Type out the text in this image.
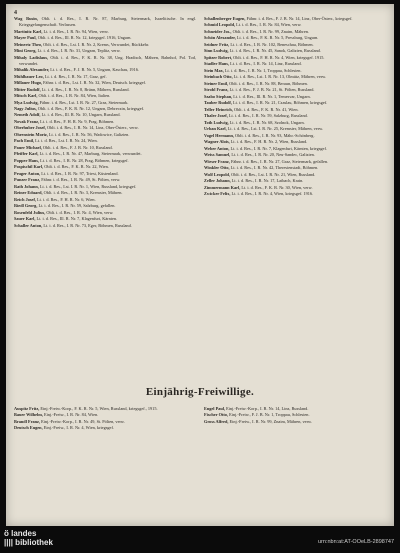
4
Wag Rusin, Oblt. i. d. Res., I. R. Nr. 87, Marburg, Steiermark, Israelitische. In engl. Kriegsgefangenschaft. Verlassen.
Martinitz Karl, Lt. i. d. Res., I. R. Nr. 94, Wien, verw.
Mayer Paul, Oblt. i. d. Res., Ill. R. Nr. 12, kriegsgef. 1916, Ungarn.
Meinertz Theo, Oblt. i. d. Res., Lst. I. R. Nr. 2, Krems, Verwundet, Rückkehr.
Mini Georg, Lt. i. d. Res., I. R. Nr. 31, Ungarn, Teplitz, verw.
Mihaly Ladislaus, Oblt. i. d. Res., F. K. R. Nr. 38, Ung. Hradisch, Mähren, Bahnhof, Pol. Tod, verwundet.
Mihalik Alexander, Lt. i. d. Res., F. J. B. Nr. 5, Ungarn, Kaschau, 1916.
Mühlbauer Leo, Lt. i. d. Res., I. R. Nr. 17, Graz, gef.
Millauer Hugo, Fähnr. i. d. Res., Lst. I. R. Nr. 32, Wien, Deutsch. kriegsgef.
Mitter Rudolf, Lt. i. d. Res., I. R. Nr. 8, Brünn, Mähren, Russland.
Mitsch Karl, Oblt. i. d. Res., I. R. Nr. 84, Wien, Italien.
Mya Ludwig, Fähnr. i. d. Res., Lst. I. R. Nr. 27, Graz, Steiermark.
Nagy Julius, Oblt. i. d. Res., F. K. R. Nr. 12, Ungarn, Debreczin, kriegsgef.
Nemeth Adolf, Lt. i. d. Res., Ill. R. Nr. 10, Ungarn, Russland.
Novak Franz, Lt. i. d. Res., F. H. R. Nr. 9, Prag, Böhmen.
Oberhuber Josef, Oblt. i. d. Res., I. R. Nr. 14, Linz, Ober-Österr., verw.
Ohrenstein Moriz, Lt. i. d. Res., I. R. Nr. 56, Wadowice, Galizien.
Pach Emil, Lt. i. d. Res., Lst. I. R. Nr. 24, Wien.
Pauer Michael, Oblt. i. d. Res., F. J. B. Nr. 10, Russland.
Pfeiffer Karl, Lt. i. d. Res., I. R. Nr. 47, Marburg, Steiermark, verwundet.
Popper Hans, Lt. i. d. Res., I. R. Nr. 28, Prag, Böhmen, kriegsgef.
Pospischil Karl, Oblt. i. d. Res., F. K. R. Nr. 22, Wien.
Pruger Anton, Lt. i. d. Res., I. R. Nr. 97, Triest, Küstenland.
Punzer Franz, Fähnr. i. d. Res., I. R. Nr. 49, St. Pölten, verw.
Rath Johann, Lt. i. d. Res., Lst. I. R. Nr. 1, Wien, Russland, kriegsgef.
Reiner Eduard, Oblt. i. d. Res., I. R. Nr. 3, Kremsier, Mähren.
Reich Josef, Lt. i. d. Res., F. H. R. Nr. 6, Wien.
Riedl Georg, Lt. i. d. Res., I. R. Nr. 59, Salzburg, gefallen.
Rosenfeld Julius, Oblt. i. d. Res., I. R. Nr. 4, Wien, verw.
Sauer Karl, Lt. i. d. Res., Ill. R. Nr. 7, Klagenfurt, Kärnten.
Schaller Anton, Lt. i. d. Res., I. R. Nr. 73, Eger, Böhmen, Russland.
Schallenberger Eugen, Fähnr. i. d. Res., F. J. B. Nr. 14, Linz, Ober-Österr., kriegsgef.
Schmid Leopold, Lt. i. d. Res., I. R. Nr. 84, Wien, verw.
Schneider Jos., Oblt. i. d. Res., I. R. Nr. 99, Znaim, Mähren.
Schön Alexander, Lt. i. d. Res., F. K. R. Nr. 5, Pressburg, Ungarn.
Seidner Fritz, Lt. i. d. Res., I. R. Nr. 102, Beneschau, Böhmen.
Sinn Ludwig, Lt. i. d. Res., I. R. Nr. 45, Sanok, Galizien, Russland.
Spitzer Robert, Oblt. i. d. Res., F. H. R. Nr. 4, Wien, kriegsgef. 1915.
Stadler Hans, Lt. i. d. Res., I. R. Nr. 14, Linz, Russland.
Stein Max, Lt. i. d. Res., I. R. Nr. 1, Troppau, Schlesien.
Steinbach Otto, Lt. i. d. Res., Lst. I. R. Nr. 13, Olmütz, Mähren, verw.
Steiner Emil, Oblt. i. d. Res., I. R. Nr. 88, Beraun, Böhmen.
Strobl Franz, Lt. i. d. Res., F. J. B. Nr. 21, St. Pölten, Russland.
Szabo Stephan, Lt. i. d. Res., Ill. R. Nr. 1, Temesvar, Ungarn.
Tauber Rudolf, Lt. i. d. Res., I. R. Nr. 21, Czaslau, Böhmen, kriegsgef.
Teller Heinrich, Oblt. i. d. Res., F. K. R. Nr. 41, Wien.
Thaler Josef, Lt. i. d. Res., I. R. Nr. 59, Salzburg, Russland.
Toth Ludwig, Lt. i. d. Res., I. R. Nr. 68, Szolnok, Ungarn.
Urban Karl, Lt. i. d. Res., Lst. I. R. Nr. 25, Kremsier, Mähren, verw.
Vogel Hermann, Oblt. i. d. Res., I. R. Nr. 93, Mähr.-Schönberg.
Wagner Alois, Lt. i. d. Res., F. H. R. Nr. 2, Wien, Russland.
Weber Anton, Lt. i. d. Res., I. R. Nr. 7, Klagenfurt, Kärnten, kriegsgef.
Weiss Samuel, Lt. i. d. Res., I. R. Nr. 20, Neu-Sandec, Galizien.
Wieser Franz, Fähnr. i. d. Res., I. R. Nr. 27, Graz, Steiermark, gefallen.
Winkler Otto, Lt. i. d. Res., I. R. Nr. 42, Theresienstadt, Böhmen.
Wolf Leopold, Oblt. i. d. Res., Lst. I. R. Nr. 21, Wien, Russland.
Zeller Johann, Lt. i. d. Res., I. R. Nr. 17, Laibach, Krain.
Zimmermann Karl, Lt. i. d. Res., F. K. R. Nr. 30, Wien, verw.
Zwicker Felix, Lt. i. d. Res., I. R. Nr. 4, Wien, kriegsgef. 1916.
Einjährig-Freiwillige.
Auspitz Fritz, Einj.-Freiw.-Korp., F. K. R. Nr. 5, Wien, Russland, kriegsgef., 1915.
Bauer Wilhelm, Einj.-Freiw., I. R. Nr. 84, Wien.
Brandl Franz, Einj.-Freiw.-Korp., I. R. Nr. 49, St. Pölten, verw.
Deutsch Eugen, Einj.-Freiw., I. R. Nr. 4, Wien, kriegsgef.
Engel Paul, Einj.-Freiw.-Korp., I. R. Nr. 14, Linz, Russland.
Fischer Otto, Einj.-Freiw., F. J. B. Nr. 1, Troppau, Schlesien.
Gross Alfred, Einj.-Freiw., I. R. Nr. 99, Znaim, Mähren, verw.
ö̈ landes
|||| bibliothek	urn:nbn:at:AT-OOeLB-2898747
